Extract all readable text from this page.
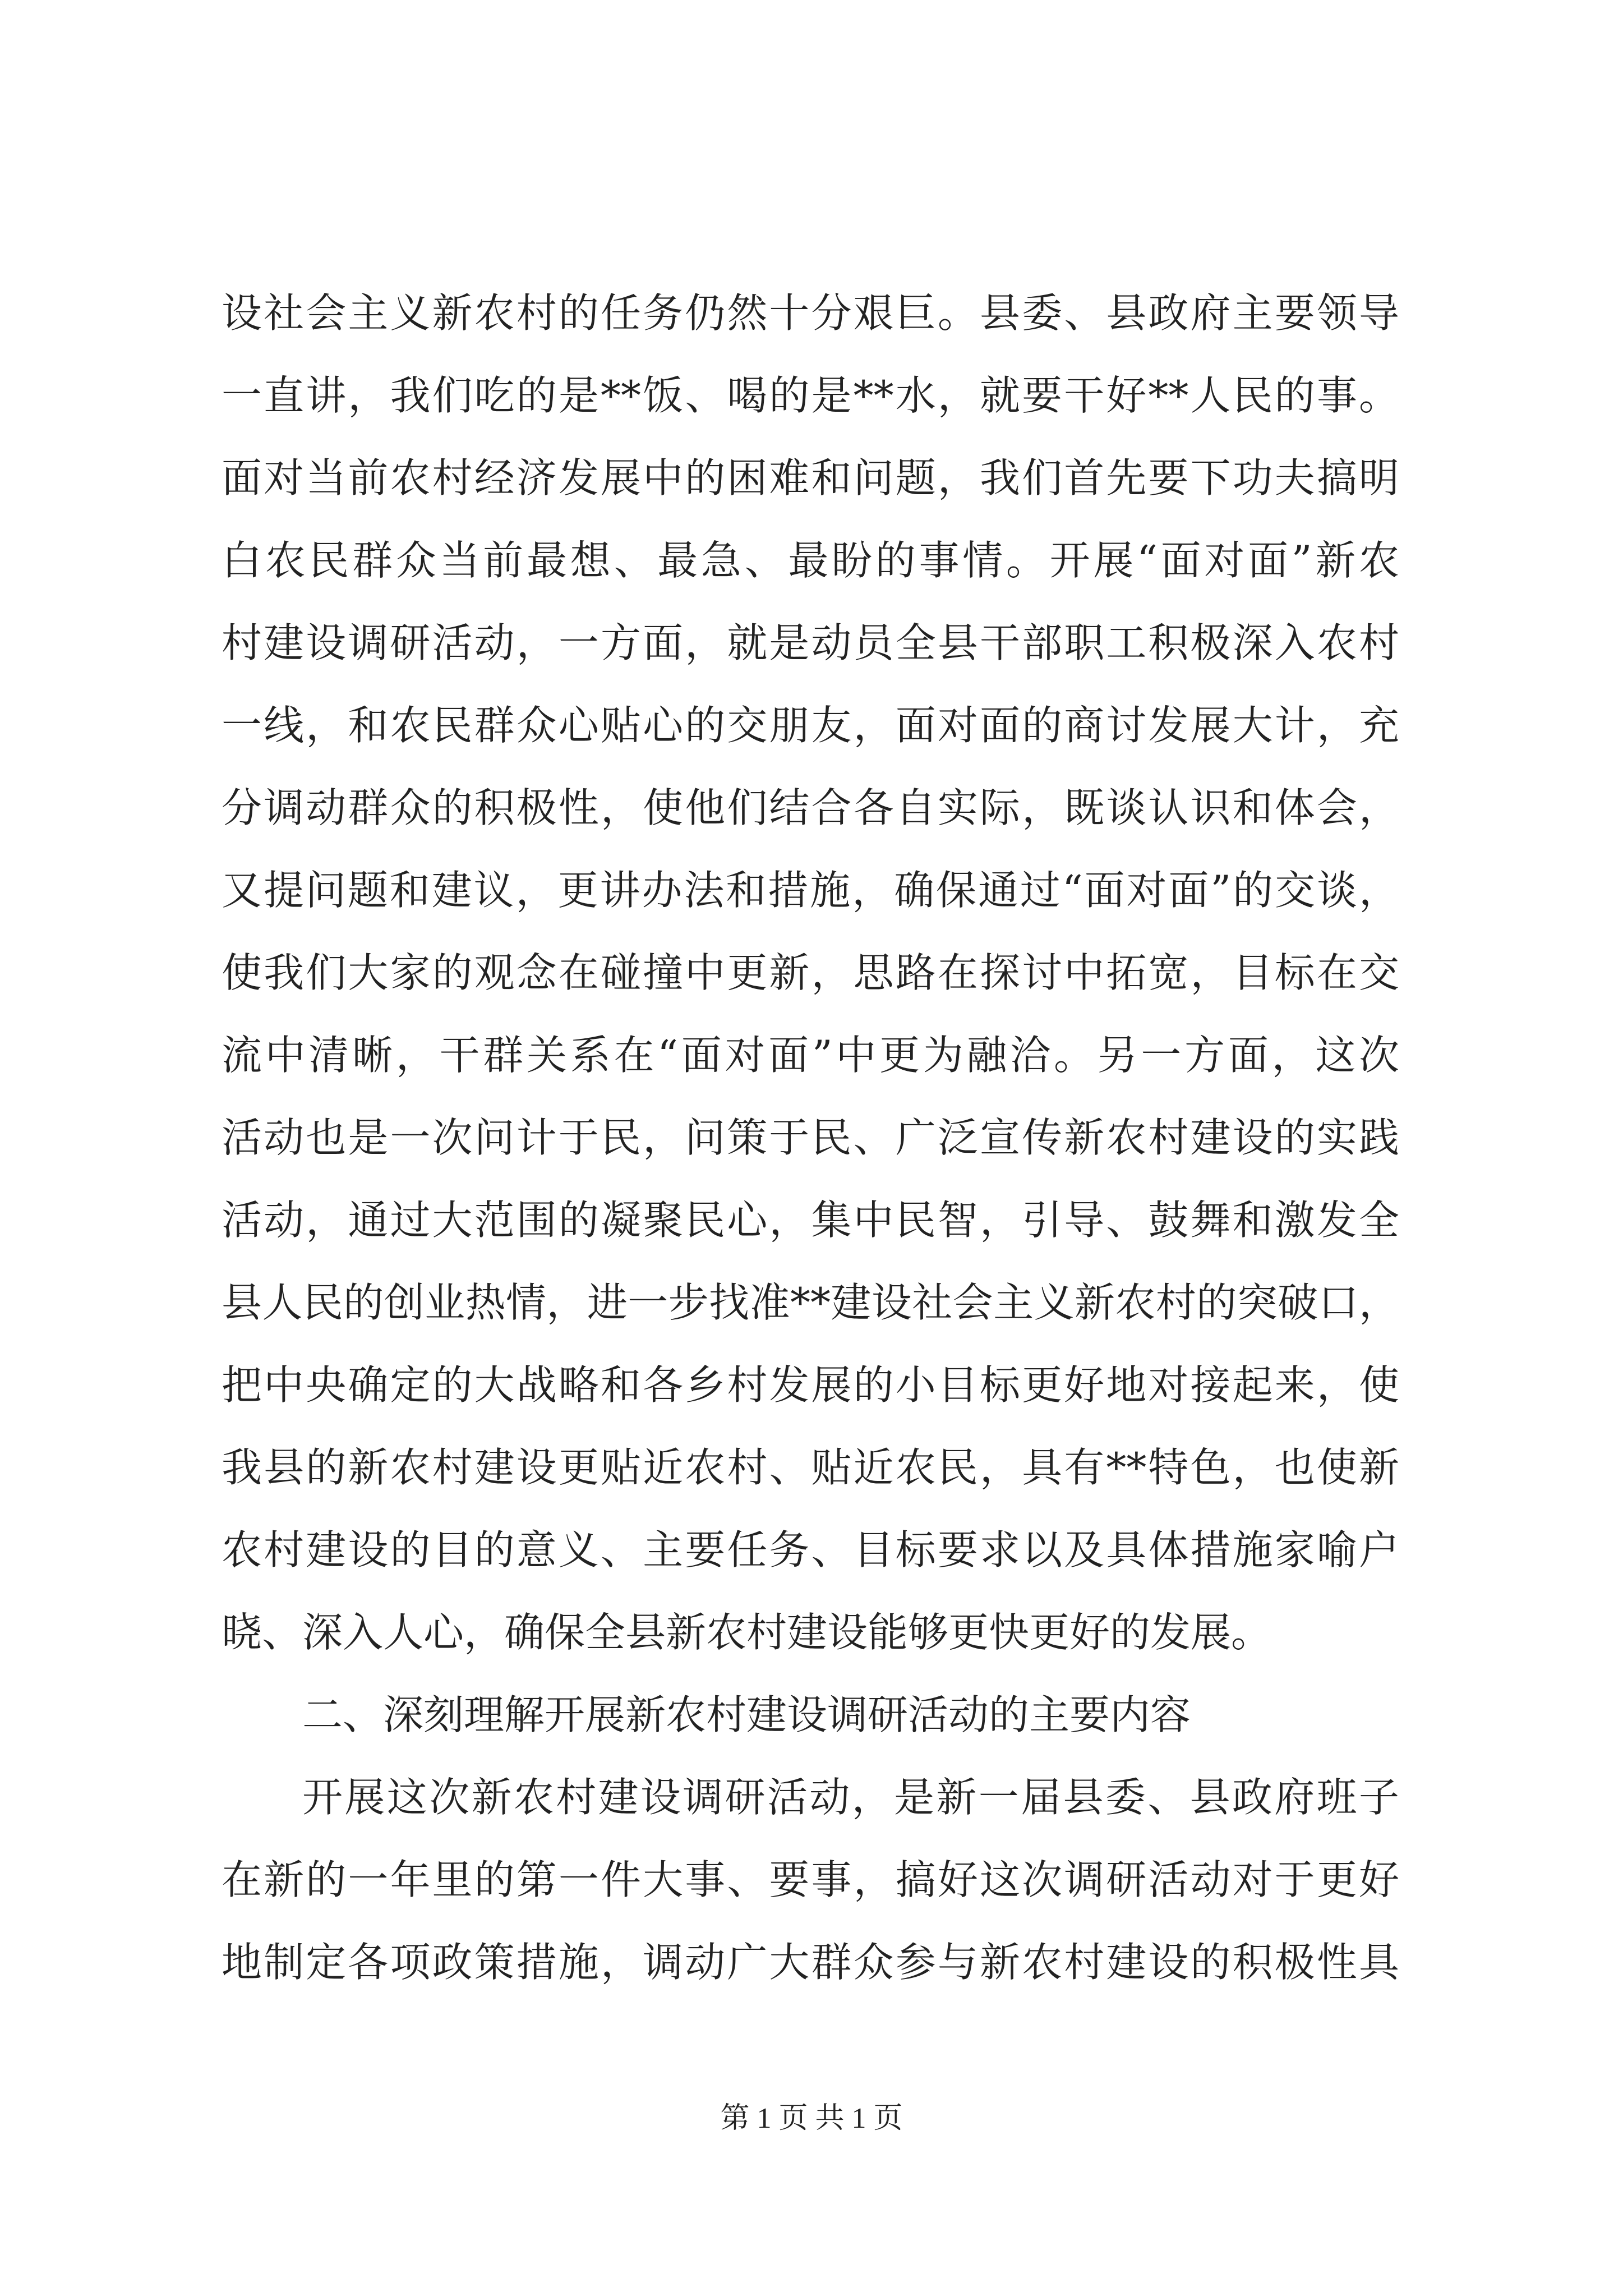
设社会主义新农村的任务仍然十分艰巨。县委、县政府主要领导
一直讲，我们吃的是**饭、喝的是**水，就要干好**人民的事。
面对当前农村经济发展中的困难和问题，我们首先要下功夫搞明
白农民群众当前最想、最急、最盼的事情。开展“面对面”新农
村建设调研活动，一方面，就是动员全县干部职工积极深入农村
一线，和农民群众心贴心的交朋友，面对面的商讨发展大计，充
分调动群众的积极性，使他们结合各自实际，既谈认识和体会，
又提问题和建议，更讲办法和措施，确保通过“面对面”的交谈，
使我们大家的观念在碰撞中更新，思路在探讨中拓宽，目标在交
流中清晰，干群关系在“面对面”中更为融洽。另一方面，这次
活动也是一次问计于民，问策于民、广泛宣传新农村建设的实践
活动，通过大范围的凝聚民心，集中民智，引导、鼓舞和激发全
县人民的创业热情，进一步找准**建设社会主义新农村的突破口，
把中央确定的大战略和各乡村发展的小目标更好地对接起来，使
我县的新农村建设更贴近农村、贴近农民，具有**特色，也使新
农村建设的目的意义、主要任务、目标要求以及具体措施家喻户
晓、深入人心，确保全县新农村建设能够更快更好的发展。
二、深刻理解开展新农村建设调研活动的主要内容
开展这次新农村建设调研活动，是新一届县委、县政府班子
在新的一年里的第一件大事、要事，搞好这次调研活动对于更好
地制定各项政策措施，调动广大群众参与新农村建设的积极性具
第 1 页 共 1 页
